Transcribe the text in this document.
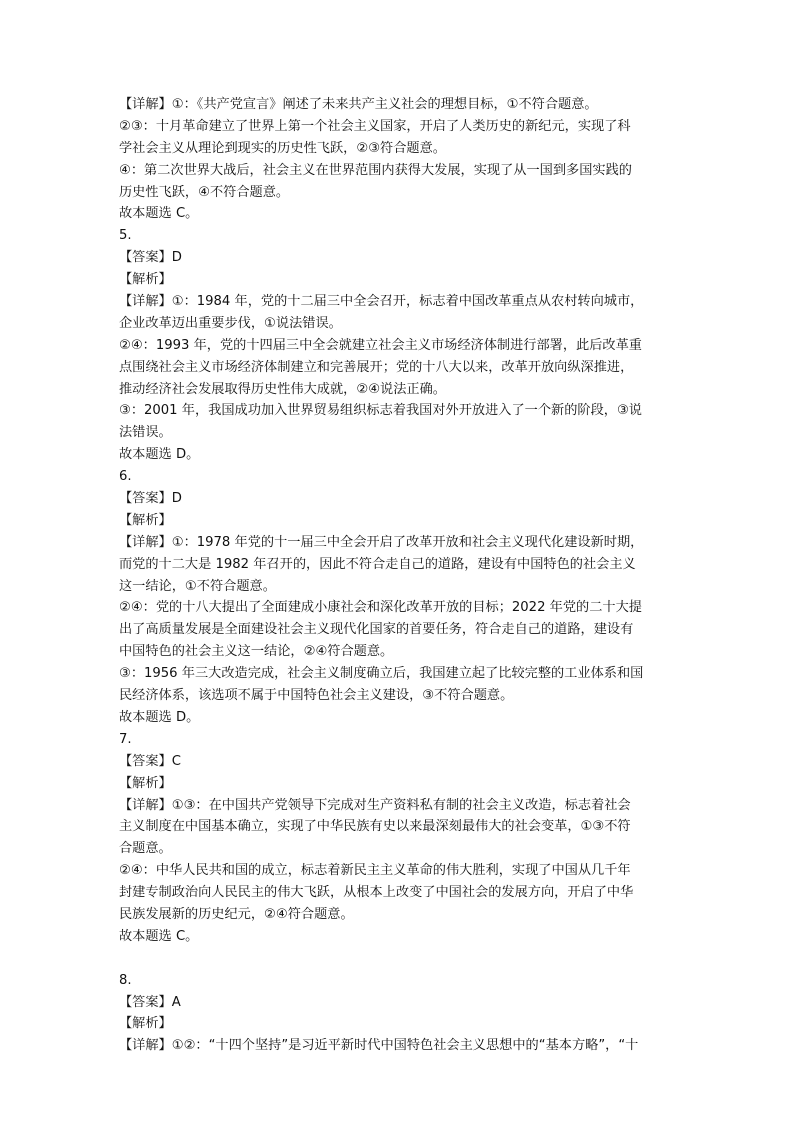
【详解】①：《共产党宣言》阐述了未来共产主义社会的理想目标，①不符合题意。
②③：十月革命建立了世界上第一个社会主义国家，开启了人类历史的新纪元，实现了科
学社会主义从理论到现实的历史性飞跃，②③符合题意。
④：第二次世界大战后，社会主义在世界范围内获得大发展，实现了从一国到多国实践的
历史性飞跃，④不符合题意。
故本题选 C。
5.
【答案】D
【解析】
【详解】①：1984 年，党的十二届三中全会召开，标志着中国改革重点从农村转向城市，
企业改革迈出重要步伐，①说法错误。
②④：1993 年，党的十四届三中全会就建立社会主义市场经济体制进行部署，此后改革重
点围绕社会主义市场经济体制建立和完善展开；党的十八大以来，改革开放向纵深推进，
推动经济社会发展取得历史性伟大成就，②④说法正确。
③：2001 年，我国成功加入世界贸易组织标志着我国对外开放进入了一个新的阶段，③说
法错误。
故本题选 D。
6.
【答案】D
【解析】
【详解】①：1978 年党的十一届三中全会开启了改革开放和社会主义现代化建设新时期，
而党的十二大是 1982 年召开的，因此不符合走自己的道路，建设有中国特色的社会主义
这一结论，①不符合题意。
②④：党的十八大提出了全面建成小康社会和深化改革开放的目标；2022 年党的二十大提
出了高质量发展是全面建设社会主义现代化国家的首要任务，符合走自己的道路，建设有
中国特色的社会主义这一结论，②④符合题意。
③：1956 年三大改造完成，社会主义制度确立后，我国建立起了比较完整的工业体系和国
民经济体系，该选项不属于中国特色社会主义建设，③不符合题意。
故本题选 D。
7.
【答案】C
【解析】
【详解】①③：在中国共产党领导下完成对生产资料私有制的社会主义改造，标志着社会
主义制度在中国基本确立，实现了中华民族有史以来最深刻最伟大的社会变革，①③不符
合题意。
②④：中华人民共和国的成立，标志着新民主主义革命的伟大胜利，实现了中国从几千年
封建专制政治向人民民主的伟大飞跃，从根本上改变了中国社会的发展方向，开启了中华
民族发展新的历史纪元，②④符合题意。
故本题选 C。
8.
【答案】A
【解析】
【详解】①②：“十四个坚持”是习近平新时代中国特色社会主义思想中的“基本方略”，“十
